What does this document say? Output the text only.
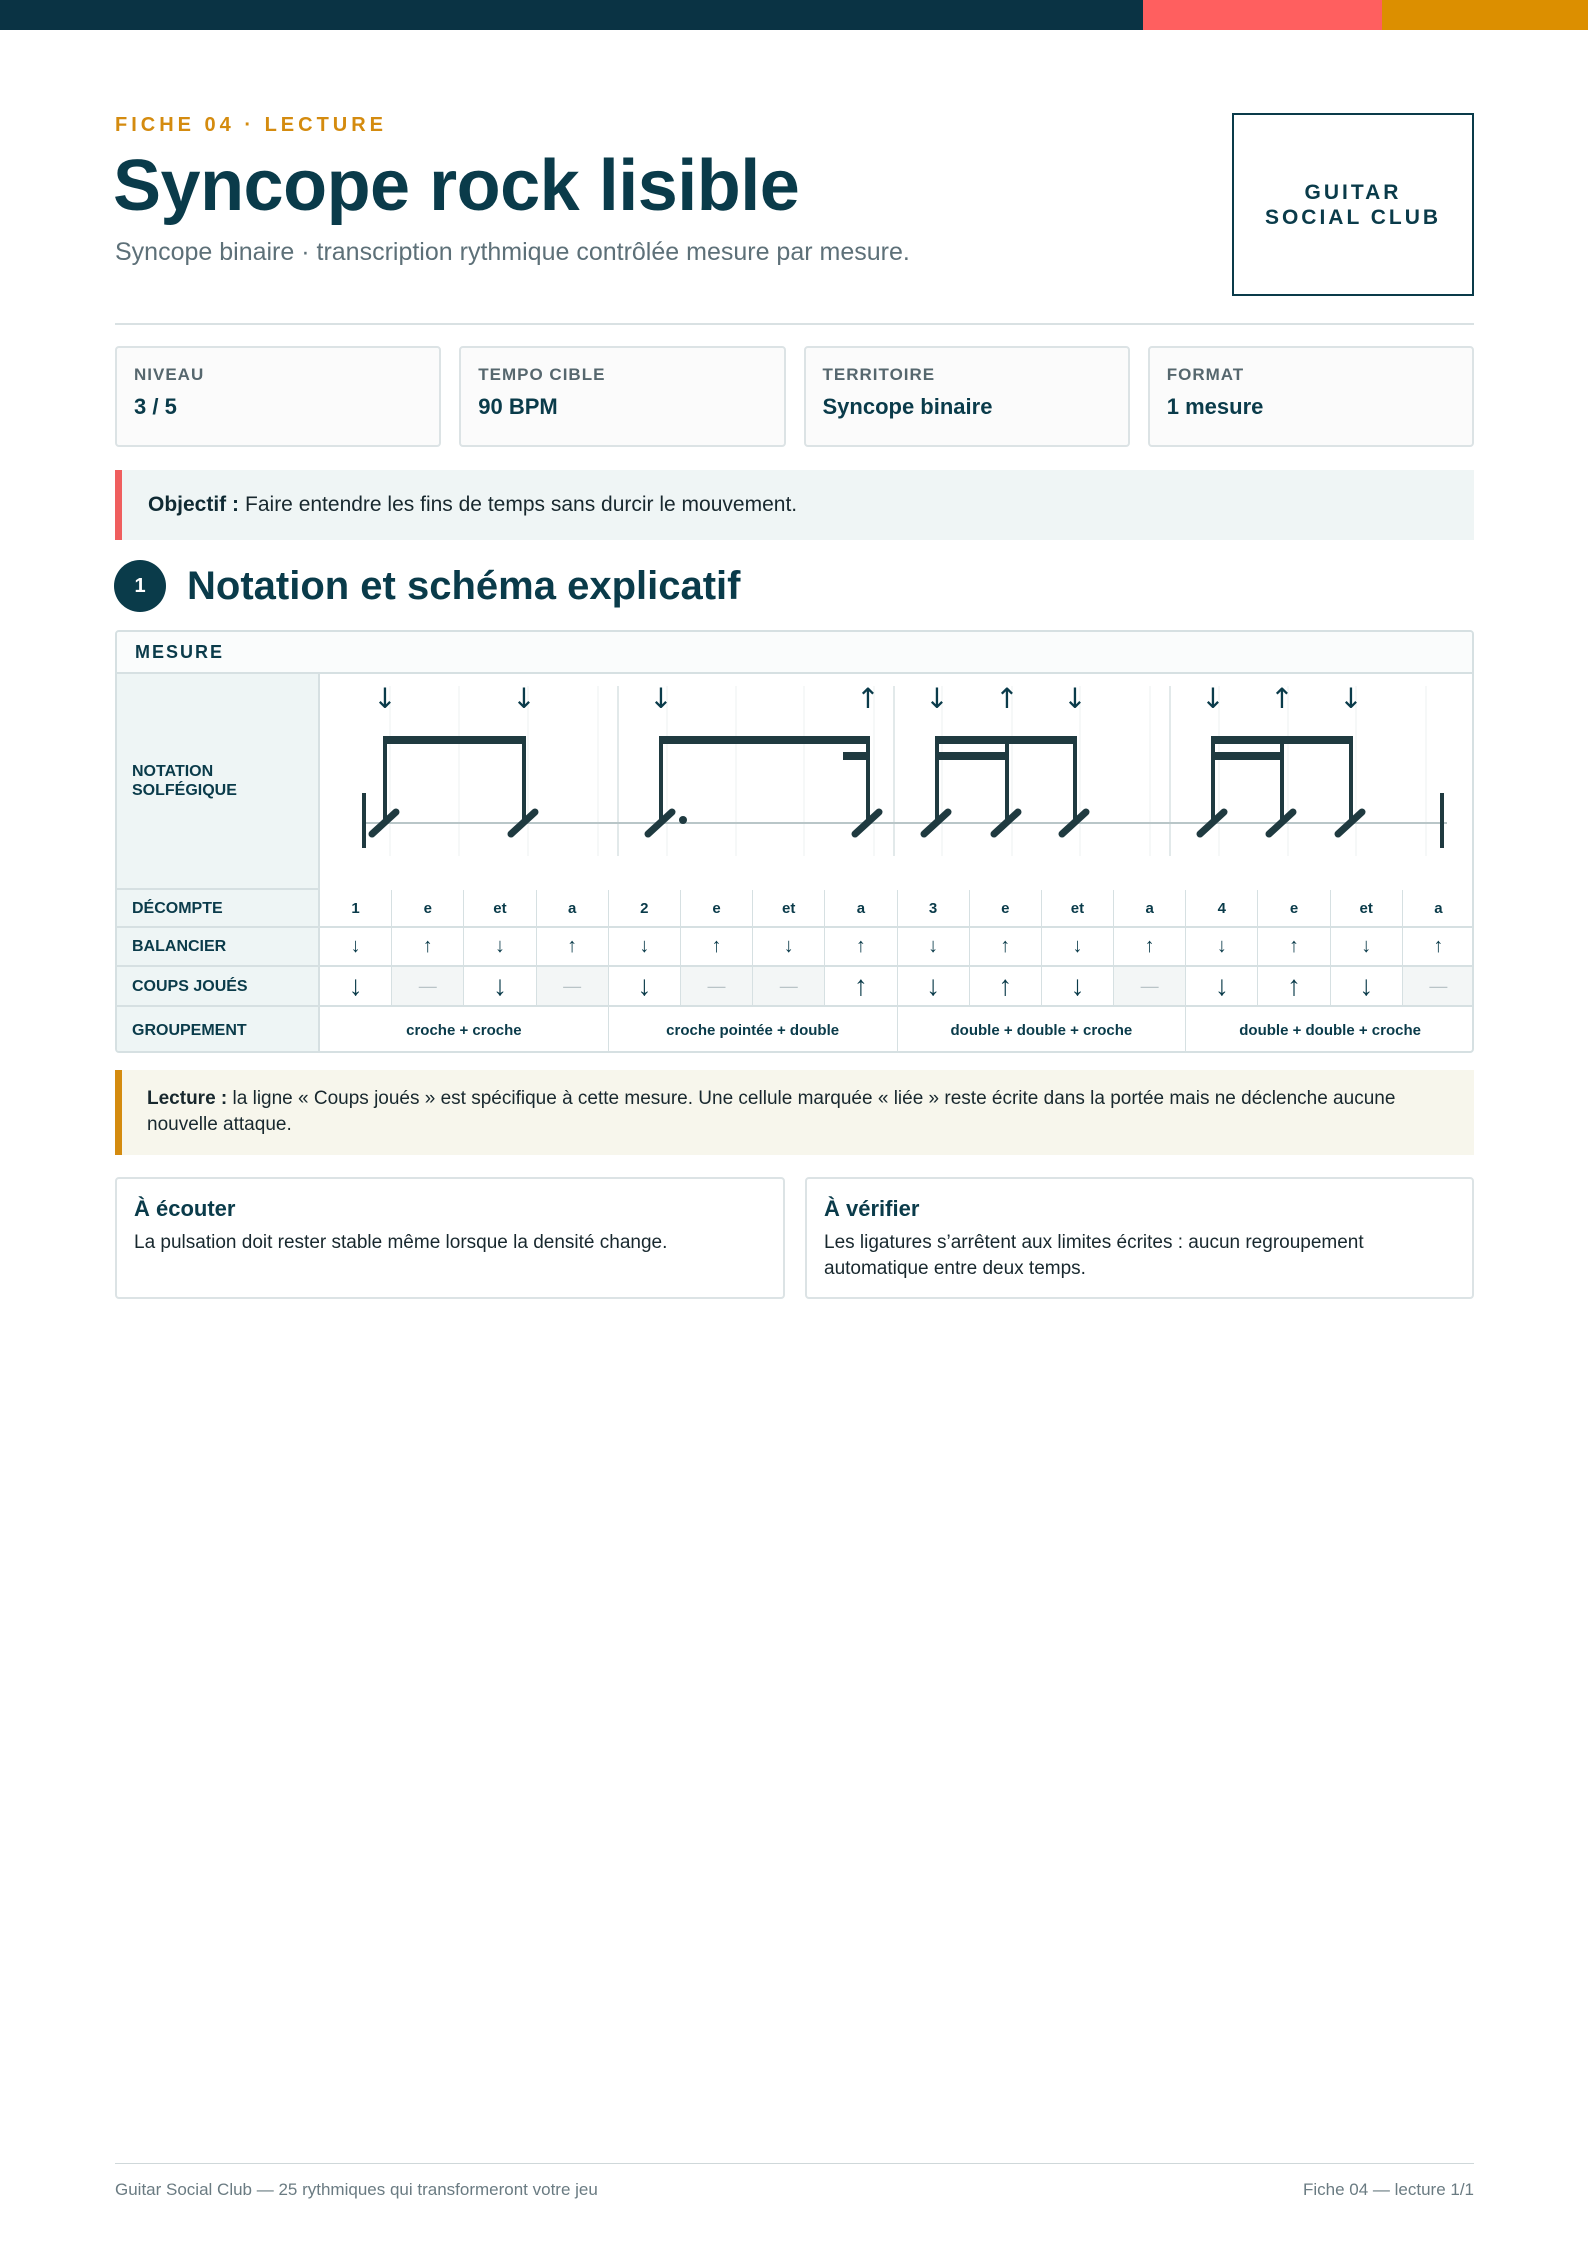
FICHE 04 · LECTURE
Syncope rock lisible
Syncope binaire · transcription rythmique contrôlée mesure par mesure.
GUITAR
SOCIAL CLUB
NIVEAU
3 / 5
TEMPO CIBLE
90 BPM
TERRITOIRE
Syncope binaire
FORMAT
1 mesure
Objectif : Faire entendre les fins de temps sans durcir le mouvement.
1	Notation et schéma explicatif
MESURE
NOTATION
SOLFÉGIQUE
↓	↓	↓	↑ ↓ ↑ ↓	↓ ↑ ↓
DÉCOMPTE	1	e	et	a	2	e	et	a	3	e	et	a	4	e	et	a
BALANCIER	↓	↑	↓	↑	↓	↑	↓	↑	↓	↑	↓	↑	↓	↑	↓	↑
COUPS JOUÉS	↓	—	↓	—	↓	—	—	↑	↓	↑	↓	—	↓	↑	↓	—
GROUPEMENT	croche + croche	croche pointée + double	double + double + croche	double + double + croche
Lecture : la ligne « Coups joués » est spécifique à cette mesure. Une cellule marquée « liée » reste écrite dans la portée mais ne déclenche aucune nouvelle attaque.
À écouter
La pulsation doit rester stable même lorsque la densité change.
À vérifier
Les ligatures s’arrêtent aux limites écrites : aucun regroupement automatique entre deux temps.
Guitar Social Club — 25 rythmiques qui transformeront votre jeu	Fiche 04 — lecture 1/1
